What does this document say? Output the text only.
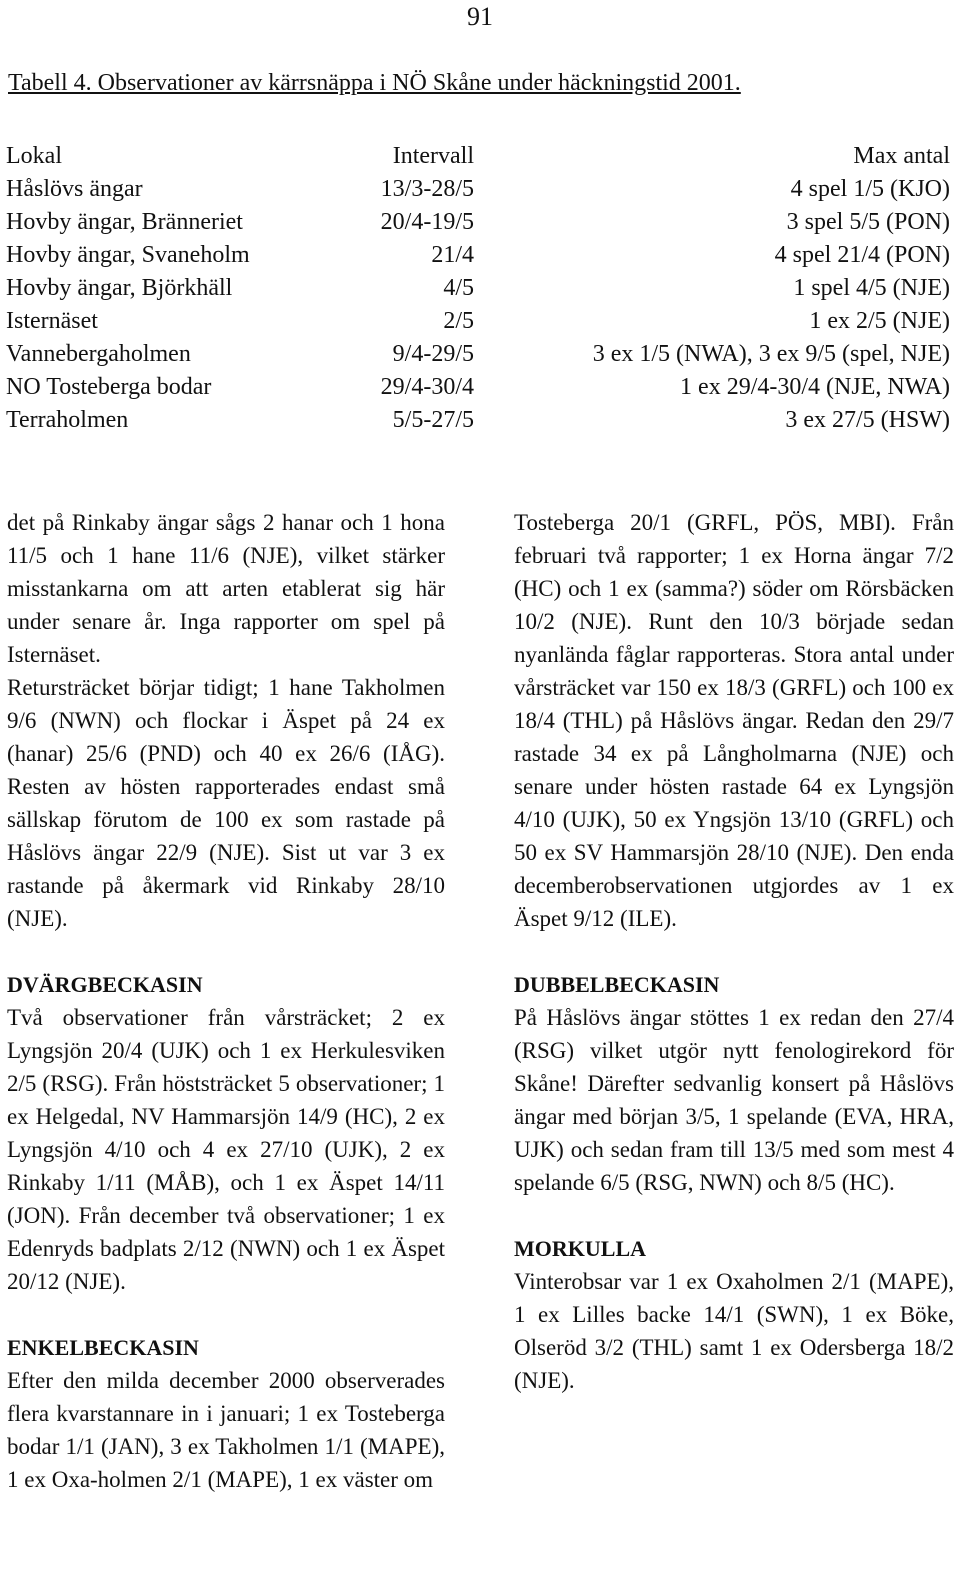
91
Tabell 4. Observationer av kärrsnäppa i NÖ Skåne under häckningstid 2001.
Lokal	Intervall	Max antal
Håslövs ängar	13/3-28/5	4 spel 1/5 (KJO)
Hovby ängar, Bränneriet	20/4-19/5	3 spel 5/5 (PON)
Hovby ängar, Svaneholm	21/4	4 spel 21/4 (PON)
Hovby ängar, Björkhäll	4/5	1 spel 4/5 (NJE)
Isternäset	2/5	1 ex 2/5 (NJE)
Vannebergaholmen	9/4-29/5	3 ex 1/5 (NWA), 3 ex 9/5 (spel, NJE)
NO Tosteberga bodar	29/4-30/4	1 ex 29/4-30/4 (NJE, NWA)
Terraholmen	5/5-27/5	3 ex 27/5 (HSW)

det på Rinkaby ängar sågs 2 hanar och 1 hona 11/5 och 1 hane 11/6 (NJE), vilket stärker misstankarna om att arten etablerat sig här under senare år. Inga rapporter om spel på Isternäset.

Retursträcket börjar tidigt; 1 hane Takholmen 9/6 (NWN) och flockar i Äspet på 24 ex (hanar) 25/6 (PND) och 40 ex 26/6 (IÅG). Resten av hösten rapporterades endast små sällskap förutom de 100 ex som rastade på Håslövs ängar 22/9 (NJE). Sist ut var 3 ex rastande på åkermark vid Rinkaby 28/10 (NJE).

DVÄRGBECKASIN

Två observationer från vårsträcket; 2 ex Lyngsjön 20/4 (UJK) och 1 ex Herkulesviken 2/5 (RSG). Från höststräcket 5 observationer; 1 ex Helgedal, NV Hammarsjön 14/9 (HC), 2 ex Lyngsjön 4/10 och 4 ex 27/10 (UJK), 2 ex Rinkaby 1/11 (MÅB), och 1 ex Äspet 14/11 (JON). Från december två observationer; 1 ex Edenryds badplats 2/12 (NWN) och 1 ex Äspet 20/12 (NJE).

ENKELBECKASIN

Efter den milda december 2000 observerades flera kvarstannare in i januari; 1 ex Tosteberga bodar 1/1 (JAN), 3 ex Takholmen 1/1 (MAPE), 1 ex Oxa-holmen 2/1 (MAPE), 1 ex väster om

Tosteberga 20/1 (GRFL, PÖS, MBI). Från februari två rapporter; 1 ex Horna ängar 7/2 (HC) och 1 ex (samma?) söder om Rörsbäcken 10/2 (NJE). Runt den 10/3 började sedan nyanlända fåglar rapporteras. Stora antal under vårsträcket var 150 ex 18/3 (GRFL) och 100 ex 18/4 (THL) på Håslövs ängar. Redan den 29/7 rastade 34 ex på Långholmarna (NJE) och senare under hösten rastade 64 ex Lyngsjön 4/10 (UJK), 50 ex Yngsjön 13/10 (GRFL) och 50 ex SV Hammarsjön 28/10 (NJE). Den enda decemberobservationen utgjordes av 1 ex Äspet 9/12 (ILE).

DUBBELBECKASIN

På Håslövs ängar stöttes 1 ex redan den 27/4 (RSG) vilket utgör nytt fenologirekord för Skåne! Därefter sedvanlig konsert på Håslövs ängar med början 3/5, 1 spelande (EVA, HRA, UJK) och sedan fram till 13/5 med som mest 4 spelande 6/5 (RSG, NWN) och 8/5 (HC).

MORKULLA

Vinterobsar var 1 ex Oxaholmen 2/1 (MAPE), 1 ex Lilles backe 14/1 (SWN), 1 ex Böke, Olseröd 3/2 (THL) samt 1 ex Odersberga 18/2 (NJE).
